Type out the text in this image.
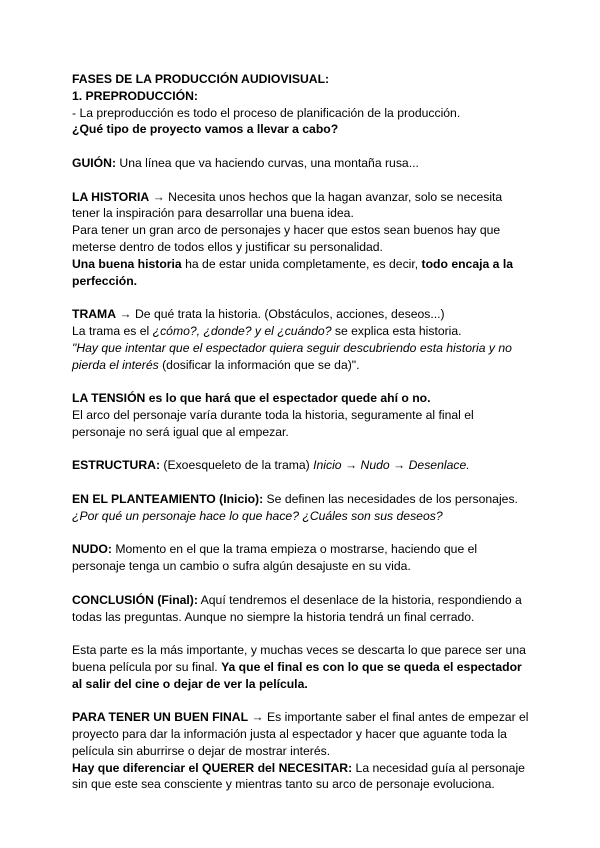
FASES DE LA PRODUCCIÓN AUDIOVISUAL:
1. PREPRODUCCIÓN:
- La preproducción es todo el proceso de planificación de la producción.
¿Qué tipo de proyecto vamos a llevar a cabo?
GUIÓN: Una línea que va haciendo curvas, una montaña rusa...
LA HISTORIA → Necesita unos hechos que la hagan avanzar, solo se necesita
tener la inspiración para desarrollar una buena idea.
Para tener un gran arco de personajes y hacer que estos sean buenos hay que
meterse dentro de todos ellos y justificar su personalidad.
Una buena historia ha de estar unida completamente, es decir, todo encaja a la
perfección.
TRAMA → De qué trata la historia. (Obstáculos, acciones, deseos...)
La trama es el ¿cómo?, ¿donde? y el ¿cuándo? se explica esta historia.
"Hay que intentar que el espectador quiera seguir descubriendo esta historia y no
pierda el interés (dosificar la información que se da)".
LA TENSIÓN es lo que hará que el espectador quede ahí o no.
El arco del personaje varía durante toda la historia, seguramente al final el
personaje no será igual que al empezar.
ESTRUCTURA: (Exoesqueleto de la trama) Inicio → Nudo → Desenlace.
EN EL PLANTEAMIENTO (Inicio): Se definen las necesidades de los personajes.
¿Por qué un personaje hace lo que hace? ¿Cuáles son sus deseos?
NUDO: Momento en el que la trama empieza o mostrarse, haciendo que el
personaje tenga un cambio o sufra algún desajuste en su vida.
CONCLUSIÓN (Final): Aquí tendremos el desenlace de la historia, respondiendo a
todas las preguntas. Aunque no siempre la historia tendrá un final cerrado.
Esta parte es la más importante, y muchas veces se descarta lo que parece ser una
buena película por su final. Ya que el final es con lo que se queda el espectador
al salir del cine o dejar de ver la película.
PARA TENER UN BUEN FINAL → Es importante saber el final antes de empezar el
proyecto para dar la información justa al espectador y hacer que aguante toda la
película sin aburrirse o dejar de mostrar interés.
Hay que diferenciar el QUERER del NECESITAR: La necesidad guía al personaje
sin que este sea consciente y mientras tanto su arco de personaje evoluciona.
